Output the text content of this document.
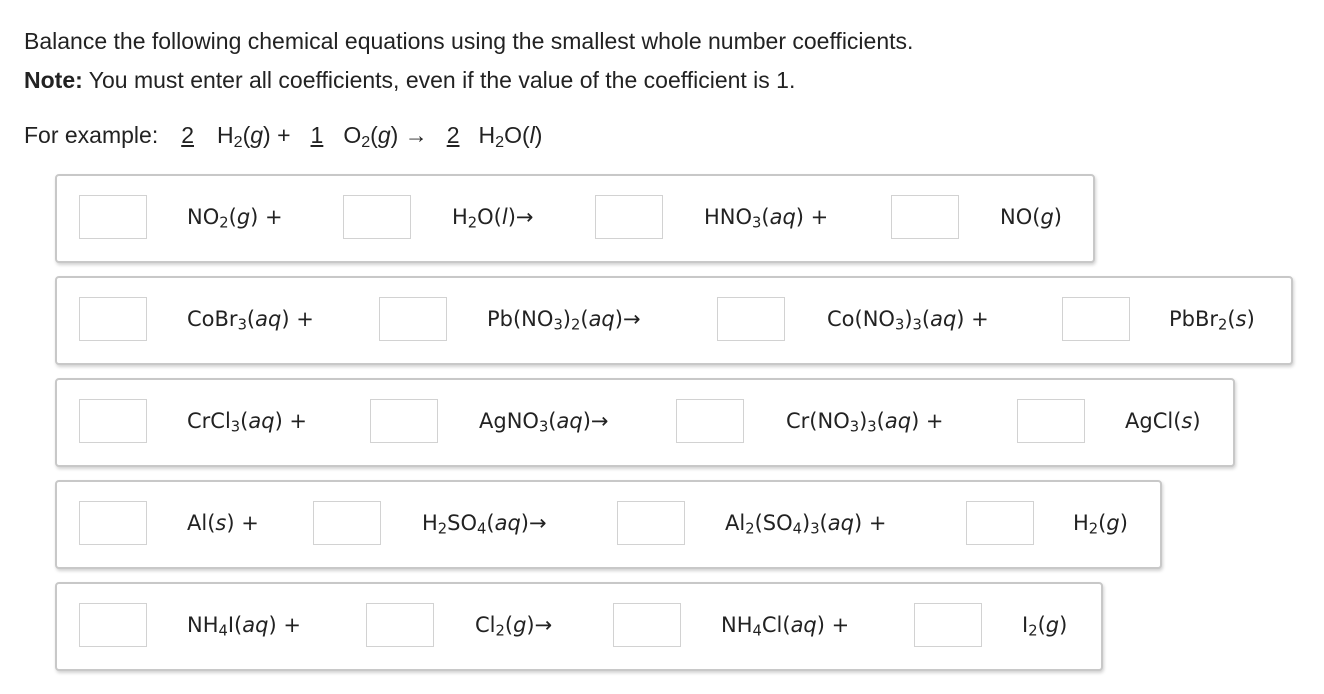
Balance the following chemical equations using the smallest whole number coefficients.
Note: You must enter all coefficients, even if the value of the coefficient is 1.
For example: 2 $H_2(g) + 1$ $O_2(g) \to 2$ $H_2O(l)$
$NO_2(g)$ +	$H_2O(l)\to$	$HNO_3(aq)$ +	NO(g)
CoBr$_3$(aq) +	$Pb(NO_3)_2(aq)\to$	$Co(NO_3)_3(aq)$ +	PbBr$_2$(s)
CrCl$_3$(aq) +	AgNO$_3$(aq)→	$Cr(NO_3)_3(aq)$ +	AgCl(s)
Al(s) +	$H_2SO_4(aq)\to$	$Al_2(SO_4)_3(aq)$ +	$H_2(g)$
$NH_4I(aq)$ +	$Cl_2(g)\to$	$NH_4Cl(aq)$ +	$I_2(g)$
